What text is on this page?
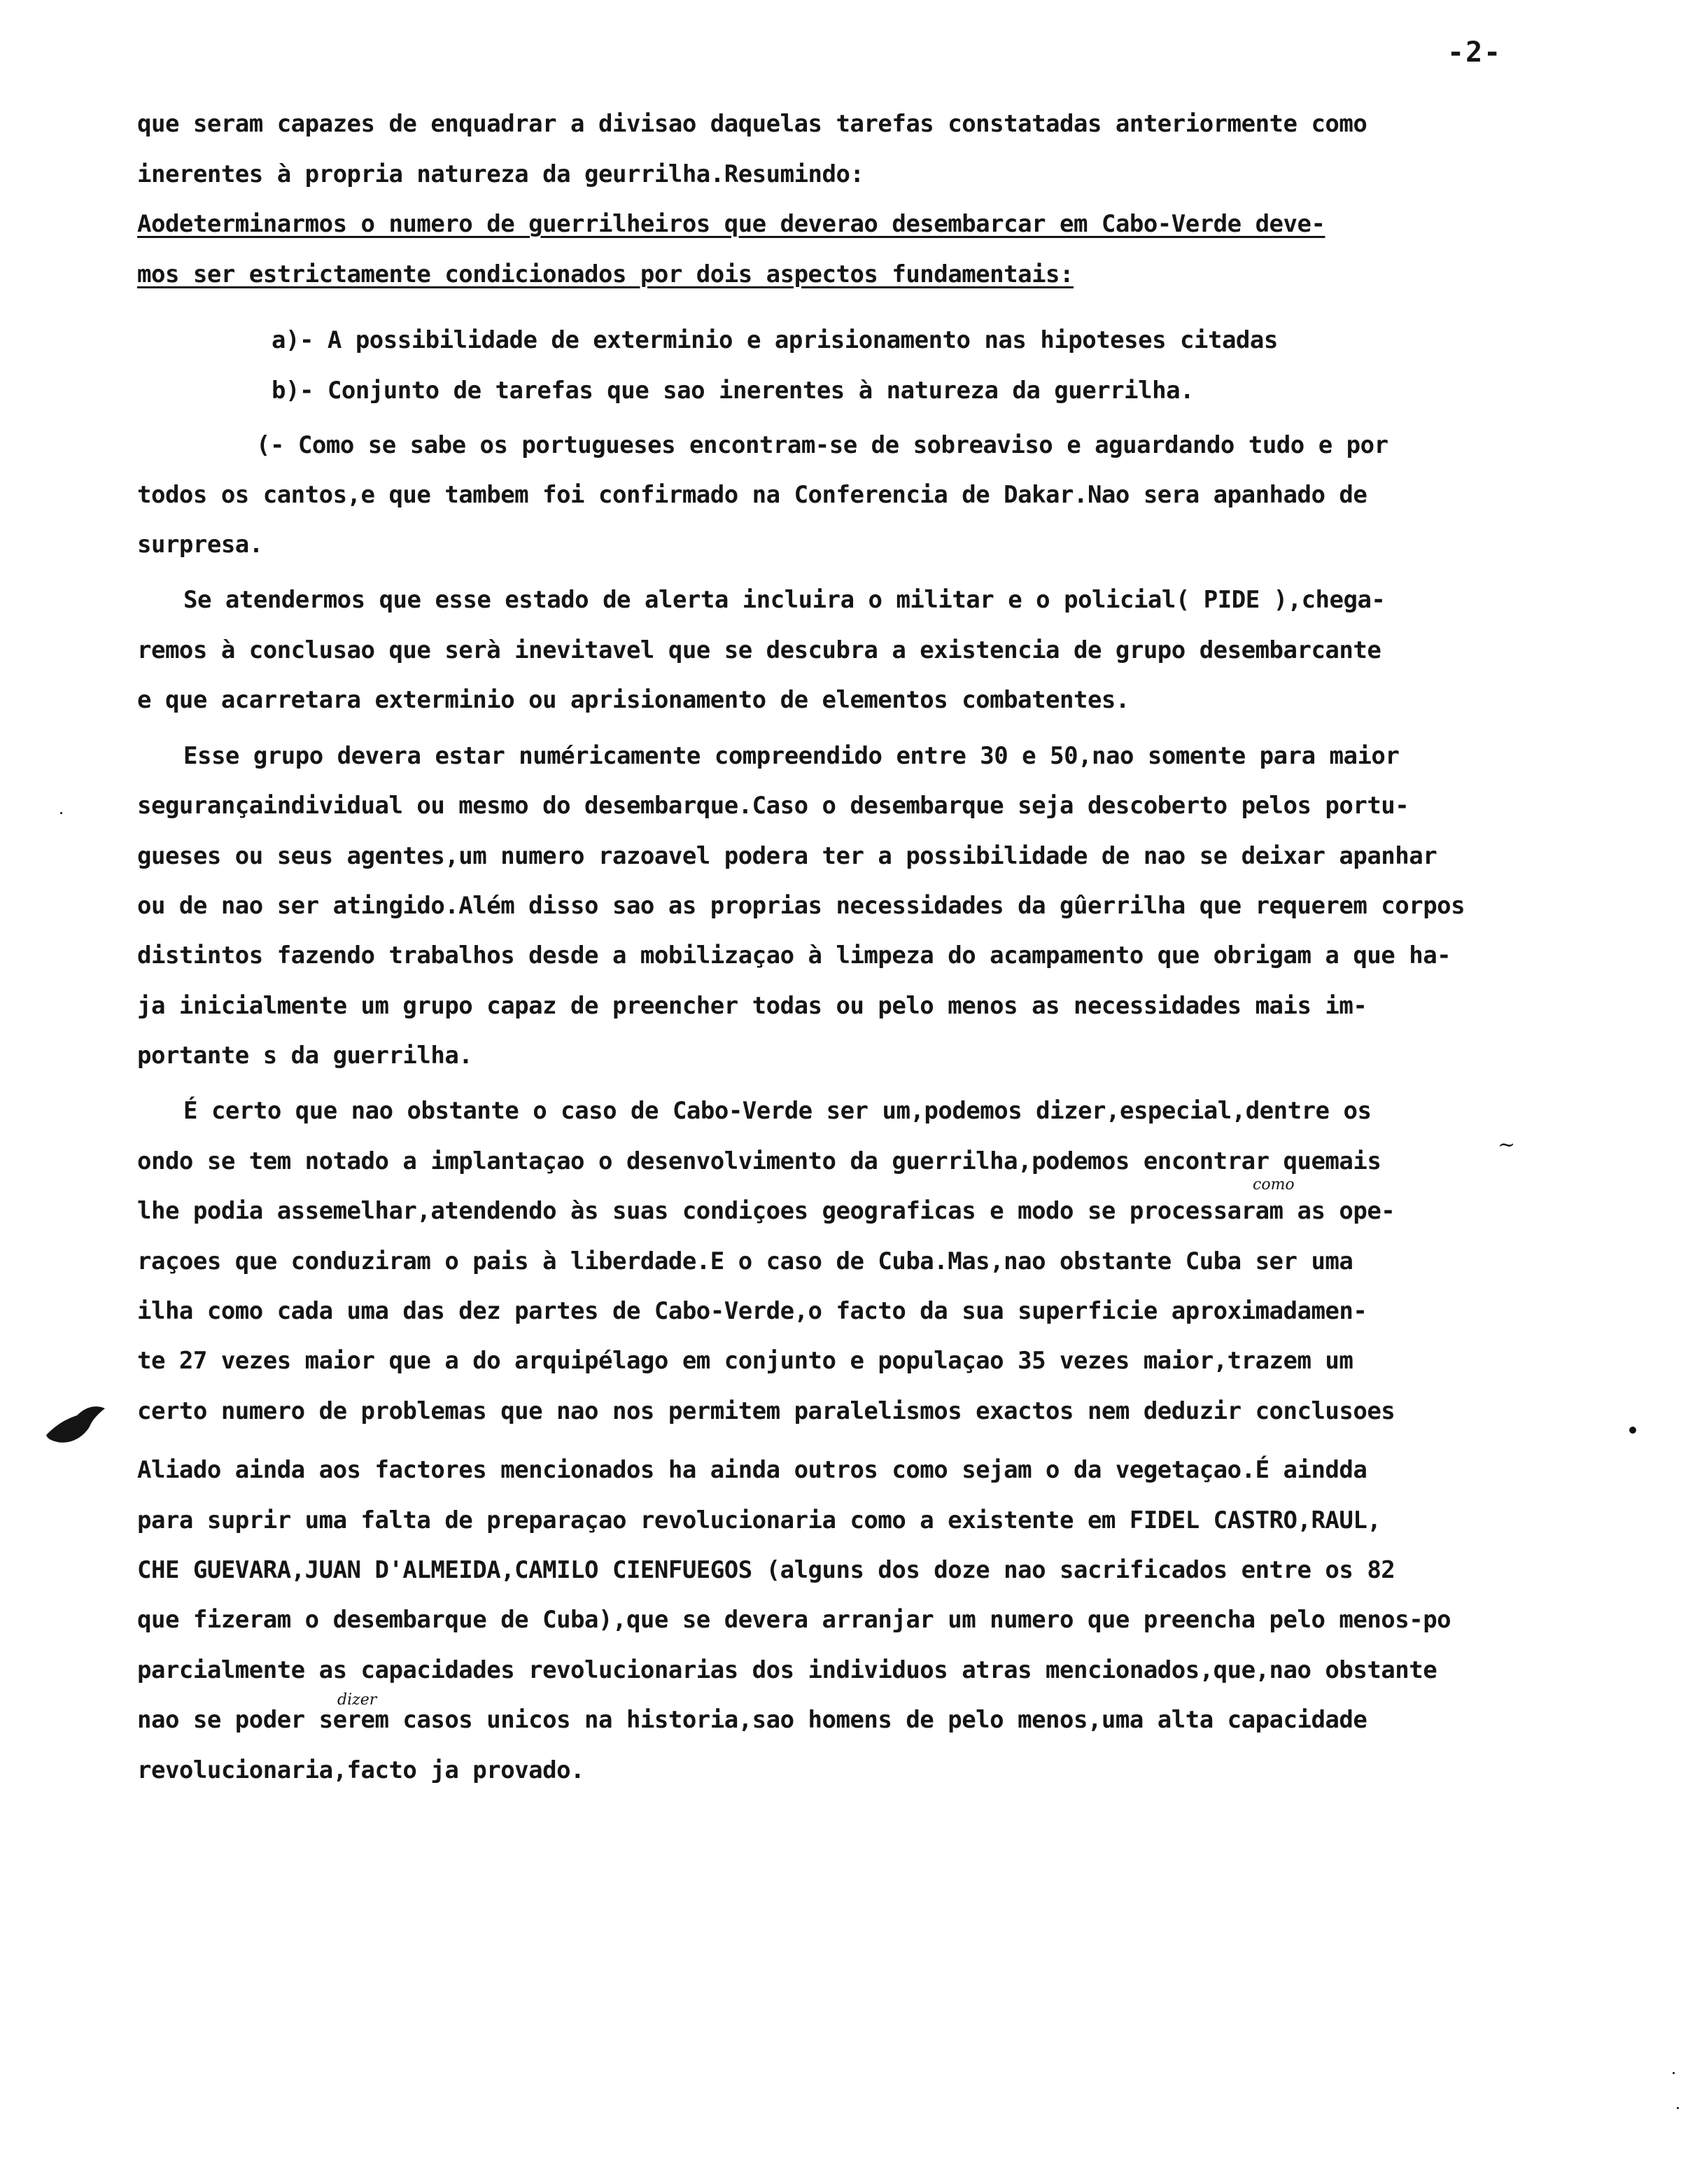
-2-
que seram capazes de enquadrar a divisao daquelas tarefas constatadas anteriormente como
inerentes à propria natureza da geurrilha.Resumindo:
Aodeterminarmos o numero de guerrilheiros que deverao desembarcar em Cabo-Verde deve-
mos ser estrictamente condicionados por dois aspectos fundamentais:
a)- A possibilidade de exterminio e aprisionamento nas hipoteses citadas
b)- Conjunto de tarefas que sao inerentes à natureza da guerrilha.
(- Como se sabe os portugueses encontram-se de sobreaviso e aguardando tudo e por
todos os cantos,e que tambem foi confirmado na Conferencia de Dakar.Nao sera apanhado de
surpresa.
Se atendermos que esse estado de alerta incluira o militar e o policial( PIDE ),chega-
remos à conclusao que serà inevitavel que se descubra a existencia de grupo desembarcante
e que acarretara exterminio ou aprisionamento de elementos combatentes.
Esse grupo devera estar numéricamente compreendido entre 30 e 50,nao somente para maior
segurançaindividual ou mesmo do desembarque.Caso o desembarque seja descoberto pelos portu-
gueses ou seus agentes,um numero razoavel podera ter a possibilidade de nao se deixar apanhar
ou de nao ser atingido.Além disso sao as proprias necessidades da gûerrilha que requerem corpos
distintos fazendo trabalhos desde a mobilizaçao à limpeza do acampamento que obrigam a que ha-
ja inicialmente um grupo capaz de preencher todas ou pelo menos as necessidades mais im-
portante s da guerrilha.
É certo que nao obstante o caso de Cabo-Verde ser um,podemos dizer,especial,dentre os
ondo se tem notado a implantaçao o desenvolvimento da guerrilha,podemos encontrar quemais
lhe podia assemelhar,atendendo às suas condiçoes geograficas e modo se processaram as ope-
raçoes que conduziram o pais à liberdade.E o caso de Cuba.Mas,nao obstante Cuba ser uma
ilha como cada uma das dez partes de Cabo-Verde,o facto da sua superficie aproximadamen-
te 27 vezes maior que a do arquipélago em conjunto e populaçao 35 vezes maior,trazem um
certo numero de problemas que nao nos permitem paralelismos exactos nem deduzir conclusoes
Aliado ainda aos factores mencionados ha ainda outros como sejam o da vegetaçao.É aindda
para suprir uma falta de preparaçao revolucionaria como a existente em FIDEL CASTRO,RAUL,
CHE GUEVARA,JUAN D'ALMEIDA,CAMILO CIENFUEGOS (alguns dos doze nao sacrificados entre os 82
que fizeram o desembarque de Cuba),que se devera arranjar um numero que preencha pelo menos-po
parcialmente as capacidades revolucionarias dos individuos atras mencionados,que,nao obstante
nao se poder serem casos unicos na historia,sao homens de pelo menos,uma alta capacidade
revolucionaria,facto ja provado.
dizer
como
~
